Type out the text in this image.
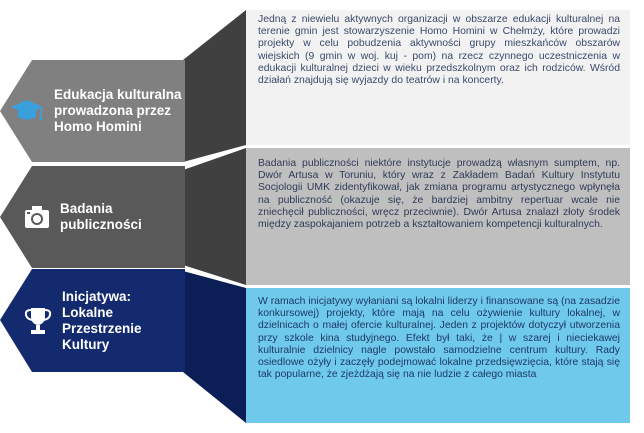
Edukacja kulturalna
prowadzona przez
Homo Homini
Badania
publiczności
Inicjatywa:
Lokalne
Przestrzenie
Kultury
Jedną z niewielu aktywnych organizacji w obszarze edukacji kulturalnej na terenie gmin jest stowarzyszenie Homo Homini w Chełmży, które prowadzi projekty w celu pobudzenia aktywności grupy mieszkańców obszarów wiejskich (9 gmin w woj. kuj - pom) na rzecz czynnego uczestniczenia w edukacji kulturalnej dzieci w wieku przedszkolnym oraz ich rodziców. Wśród działań znajdują się wyjazdy do teatrów i na koncerty.
Badania publiczności niektóre instytucje prowadzą własnym sumptem, np. Dwór Artusa w Toruniu, który wraz z Zakładem Badań Kultury Instytutu Socjologii UMK zidentyfikował, jak zmiana programu artystycznego wpłynęła na publiczność (okazuje się, że bardziej ambitny repertuar wcale nie zniechęcił publiczności, wręcz przeciwnie). Dwór Artusa znalazł złoty środek między zaspokajaniem potrzeb a kształtowaniem kompetencji kulturalnych.
W ramach inicjatywy wyłaniani są lokalni liderzy i finansowane są (na zasadzie konkursowej) projekty, które mają na celu ożywienie kultury lokalnej, w dzielnicach o małej ofercie kulturalnej. Jeden z projektów dotyczył utworzenia przy szkole kina studyjnego. Efekt był taki, że | w szarej i nieciekawej kulturalnie dzielnicy nagle powstało samodzielne centrum kultury. Rady osiedlowe ożyły i zaczęły podejmować lokalne przedsięwzięcia, które stają się tak popularne, że zjeżdżają się na nie ludzie z całego miasta
